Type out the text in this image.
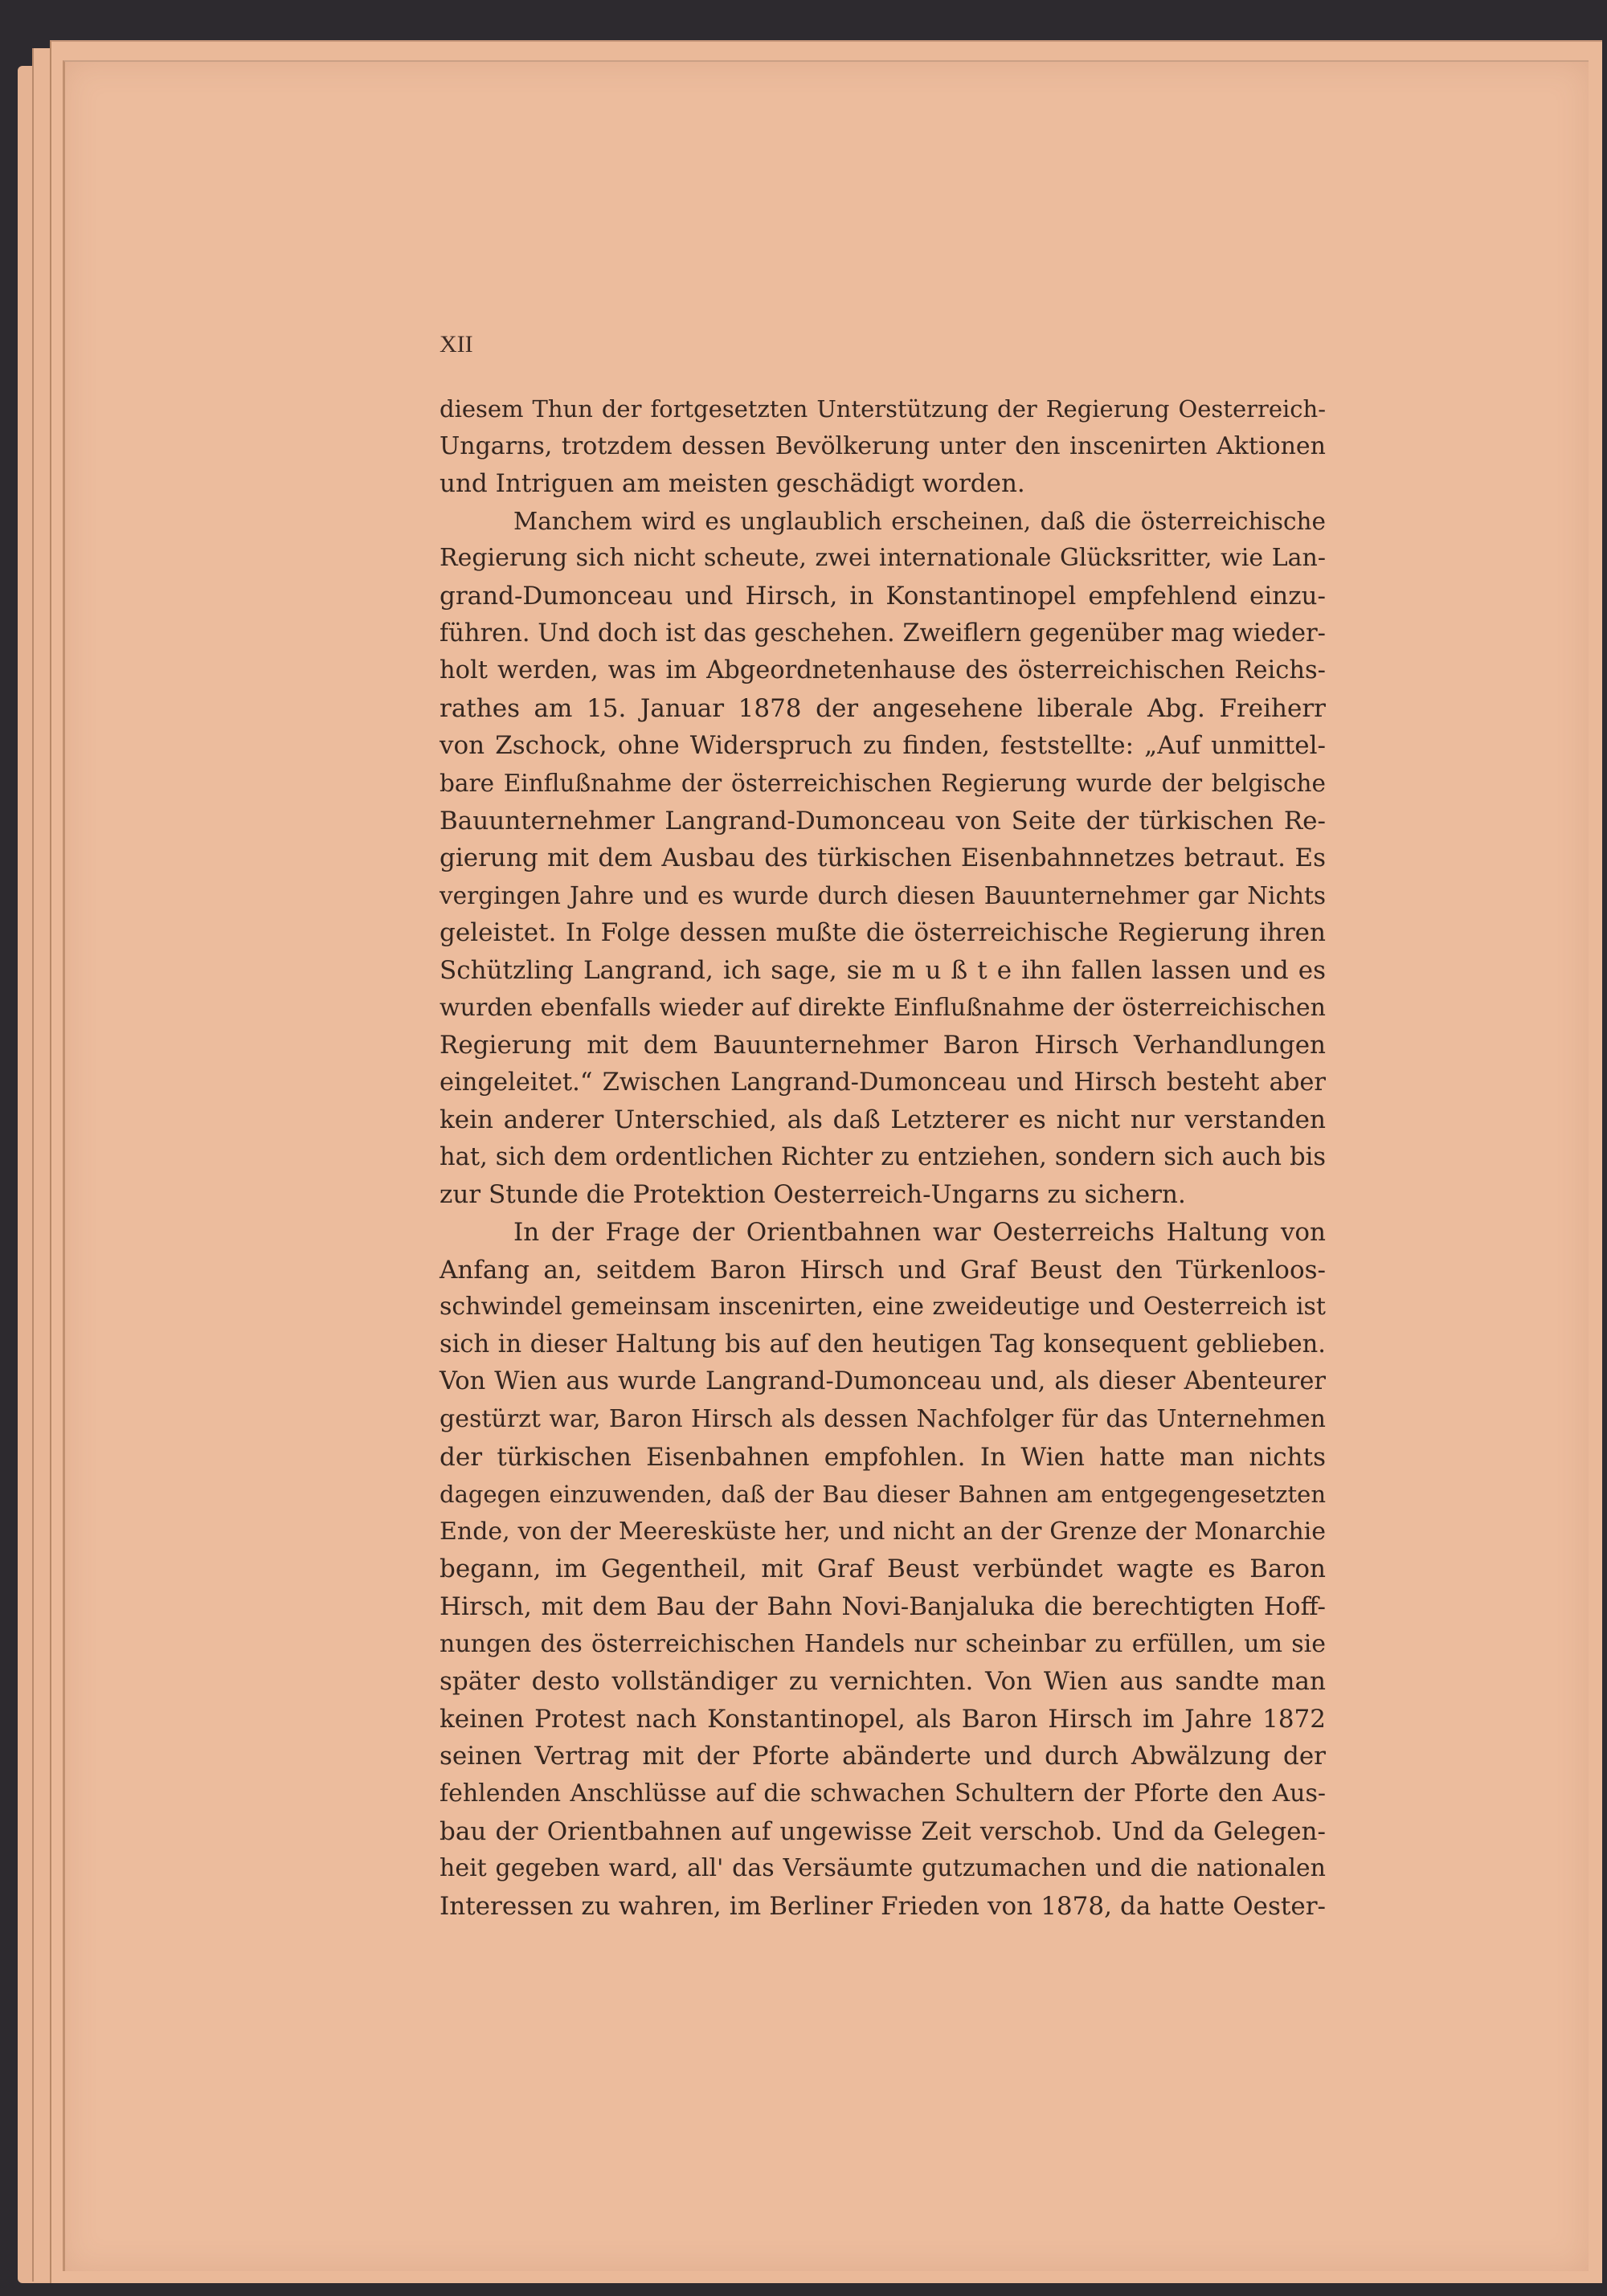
XII
diesem Thun der fortgesetzten Unterstützung der Regierung Oesterreich-
Ungarns, trotzdem dessen Bevölkerung unter den inscenirten Aktionen
und Intriguen am meisten geschädigt worden.
Manchem wird es unglaublich erscheinen, daß die österreichische
Regierung sich nicht scheute, zwei internationale Glücksritter, wie Lan-
grand-Dumonceau und Hirsch, in Konstantinopel empfehlend einzu-
führen. Und doch ist das geschehen. Zweiflern gegenüber mag wieder-
holt werden, was im Abgeordnetenhause des österreichischen Reichs-
rathes am 15. Januar 1878 der angesehene liberale Abg. Freiherr
von Zschock, ohne Widerspruch zu finden, feststellte: „Auf unmittel-
bare Einflußnahme der österreichischen Regierung wurde der belgische
Bauunternehmer Langrand-Dumonceau von Seite der türkischen Re-
gierung mit dem Ausbau des türkischen Eisenbahnnetzes betraut. Es
vergingen Jahre und es wurde durch diesen Bauunternehmer gar Nichts
geleistet. In Folge dessen mußte die österreichische Regierung ihren
Schützling Langrand, ich sage, sie m u ß t e ihn fallen lassen und es
wurden ebenfalls wieder auf direkte Einflußnahme der österreichischen
Regierung mit dem Bauunternehmer Baron Hirsch Verhandlungen
eingeleitet.“ Zwischen Langrand-Dumonceau und Hirsch besteht aber
kein anderer Unterschied, als daß Letzterer es nicht nur verstanden
hat, sich dem ordentlichen Richter zu entziehen, sondern sich auch bis
zur Stunde die Protektion Oesterreich-Ungarns zu sichern.
In der Frage der Orientbahnen war Oesterreichs Haltung von
Anfang an, seitdem Baron Hirsch und Graf Beust den Türkenloos-
schwindel gemeinsam inscenirten, eine zweideutige und Oesterreich ist
sich in dieser Haltung bis auf den heutigen Tag konsequent geblieben.
Von Wien aus wurde Langrand-Dumonceau und, als dieser Abenteurer
gestürzt war, Baron Hirsch als dessen Nachfolger für das Unternehmen
der türkischen Eisenbahnen empfohlen. In Wien hatte man nichts
dagegen einzuwenden, daß der Bau dieser Bahnen am entgegengesetzten
Ende, von der Meeresküste her, und nicht an der Grenze der Monarchie
begann, im Gegentheil, mit Graf Beust verbündet wagte es Baron
Hirsch, mit dem Bau der Bahn Novi-Banjaluka die berechtigten Hoff-
nungen des österreichischen Handels nur scheinbar zu erfüllen, um sie
später desto vollständiger zu vernichten. Von Wien aus sandte man
keinen Protest nach Konstantinopel, als Baron Hirsch im Jahre 1872
seinen Vertrag mit der Pforte abänderte und durch Abwälzung der
fehlenden Anschlüsse auf die schwachen Schultern der Pforte den Aus-
bau der Orientbahnen auf ungewisse Zeit verschob. Und da Gelegen-
heit gegeben ward, all' das Versäumte gutzumachen und die nationalen
Interessen zu wahren, im Berliner Frieden von 1878, da hatte Oester-
